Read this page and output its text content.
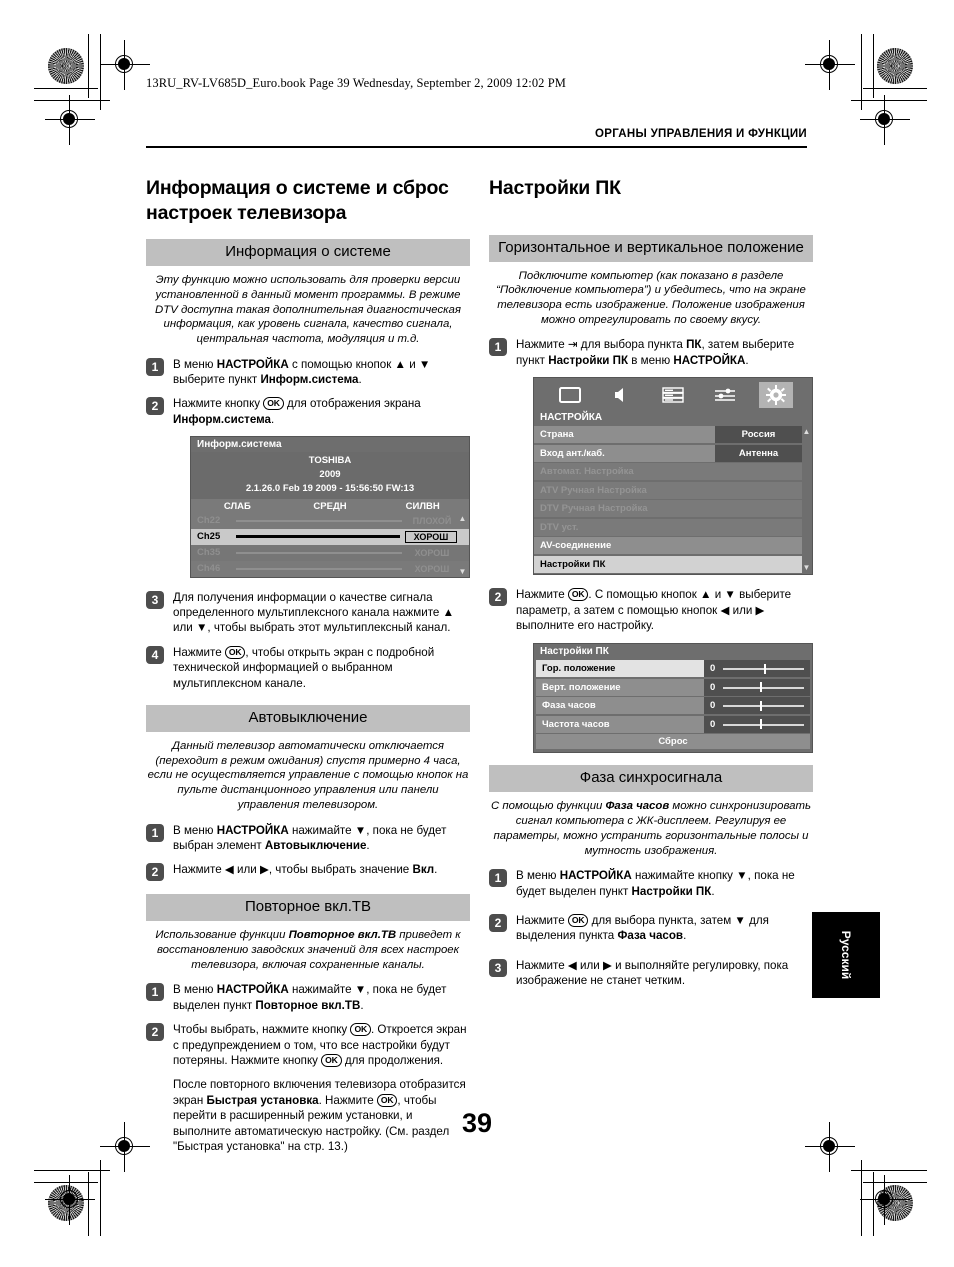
13RU_RV-LV685D_Euro.book Page 39 Wednesday, September 2, 2009 12:02 PM
ОРГАНЫ УПРАВЛЕНИЯ И ФУНКЦИИ
Информация о системе и сброс настроек телевизора
Информация о системе
Эту функцию можно использовать для проверки версии установленной в данный момент программы. В режиме DTV доступна такая дополнительная диагностическая информация, как уровень сигнала, качество сигнала, центральная частота, модуляция и т.д.
1	В меню НАСТРОЙКА с помощью кнопок ▲ и ▼ выберите пункт Информ.система.
2	Нажмите кнопку OK для отображения экрана Информ.система.
Информ.система
TOSHIBA
2009
2.1.26.0 Feb 19 2009 - 15:56:50 FW:13
СЛАБ	СРЕДН	СИЛВН
Ch22	ПЛОХОЙ
Ch25	ХОРОШ
Ch35	ХОРОШ
Ch46	ХОРОШ
▲
▼
3	Для получения информации о качестве сигнала определенного мультиплексного канала нажмите ▲ или ▼, чтобы выбрать этот мультиплексный канал.
4	Нажмите OK , чтобы открыть экран с подробной технической информацией о выбранном мультиплексном канале.
Автовыключение
Данный телевизор автоматически отключается (переходит в режим ожидания) спустя примерно 4 часа, если не осуществляется управление с помощью кнопок на пульте дистанционного управления или панели управления телевизором.
1	В меню НАСТРОЙКА нажимайте ▼, пока не будет выбран элемент Автовыключение.
2	Нажмите ◀ или ▶, чтобы выбрать значение Вкл.
Повторное вкл.ТВ
Использование функции Повторное вкл.ТВ приведет к восстановлению заводских значений для всех настроек телевизора, включая сохраненные каналы.
1	В меню НАСТРОЙКА нажимайте ▼, пока не будет выделен пункт Повторное вкл.ТВ.
2	Чтобы выбрать, нажмите кнопку OK . Откроется экран с предупреждением о том, что все настройки будут потеряны. Нажмите кнопку OK для продолжения.
После повторного включения телевизора отобразится экран Быстрая установка. Нажмите OK , чтобы перейти в расширенный режим установки, и выполните автоматическую настройку. (См. раздел "Быстрая установка" на стр. 13.)
Настройки ПК
Горизонтальное и вертикальное положение
Подключите компьютер (как показано в разделе “Подключение компьютера”) и убедитесь, что на экране телевизора есть изображение. Положение изображения можно отрегулировать по своему вкусу.
1	Нажмите ⇥ для выбора пункта ПК, затем выберите пункт Настройки ПК в меню НАСТРОЙКА.
НАСТРОЙКА
Страна	Россия
Вход ант./каб.	Антенна
Автомат. Настройка
ATV Ручная Настройка
DTV Ручная Настройка
DTV уст.
AV-соединение
Настройки ПК
▲
▼
2	Нажмите OK . С помощью кнопок ▲ и ▼ выберите параметр, а затем с помощью кнопок ◀ или ▶ выполните его настройку.
Настройки ПК
Гор. положение	0
Верт. положение	0
Фаза часов	0
Частота часов	0
Сброс
Фаза синхросигнала
С помощью функции Фаза часов можно синхронизировать сигнал компьютера с ЖК-дисплеем. Регулируя ее параметры, можно устранить горизонтальные полосы и мутность изображения.
1	В меню НАСТРОЙКА нажимайте кнопку ▼, пока не будет выделен пункт Настройки ПК.
2	Нажмите OK для выбора пункта, затем ▼ для выделения пункта Фаза часов.
3	Нажмите ◀ или ▶ и выполняйте регулировку, пока изображение не станет четким.
Русский
39
